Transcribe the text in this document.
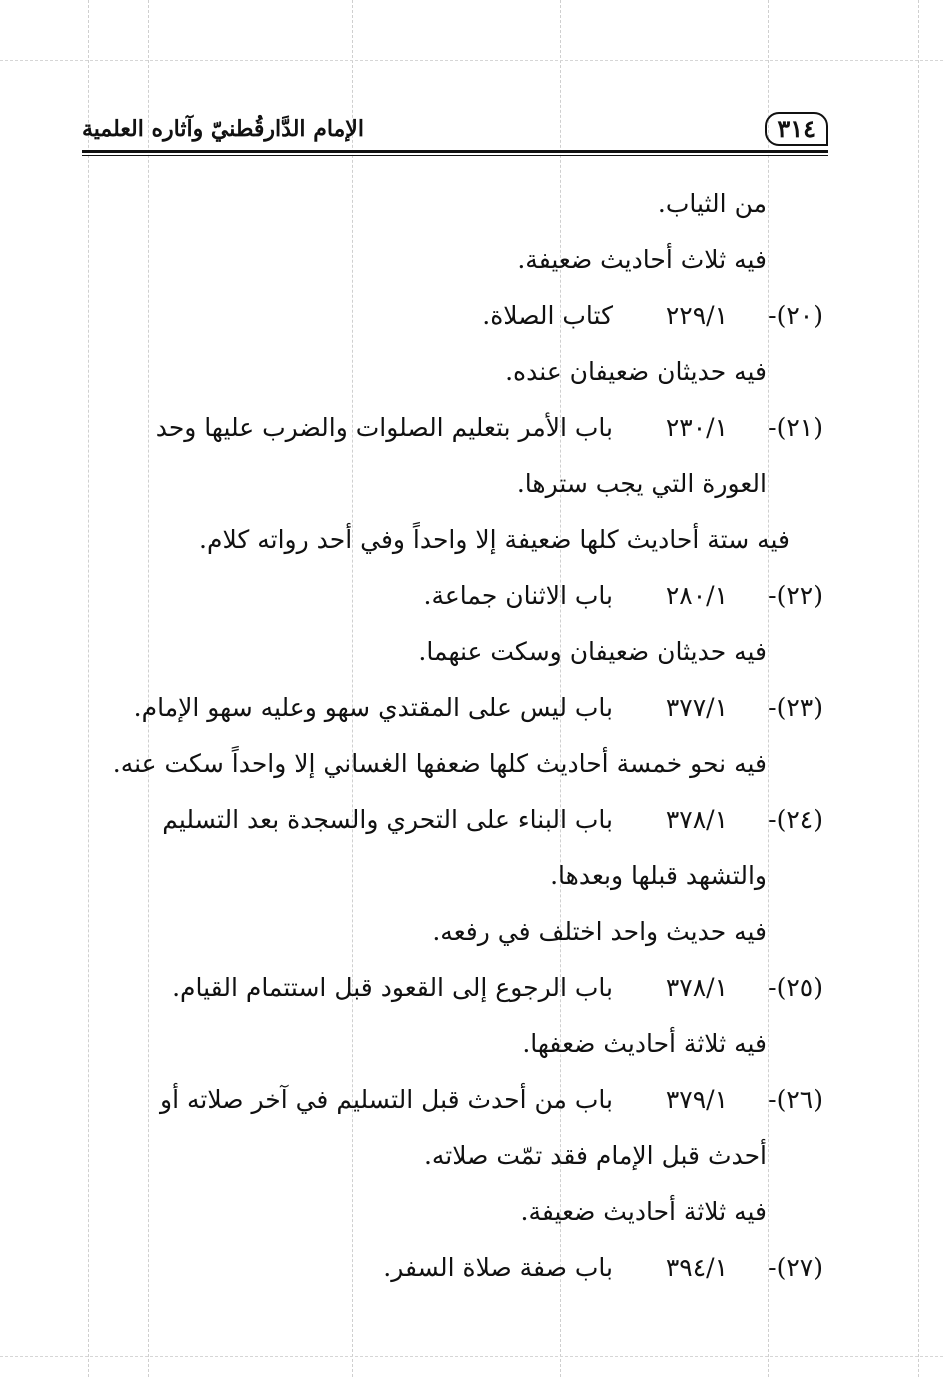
٣١٤
الإمام الدَّارقُطنيّ وآثاره العلمية
من الثياب.
فيه ثلاث أحاديث ضعيفة.
(٢٠)-
٢٢٩/١
كتاب الصلاة.
فيه حديثان ضعيفان عنده.
(٢١)-
٢٣٠/١
باب الأمر بتعليم الصلوات والضرب عليها وحد
العورة التي يجب سترها.
فيه ستة أحاديث كلها ضعيفة إلا واحداً وفي أحد رواته كلام.
(٢٢)-
٢٨٠/١
باب الاثنان جماعة.
فيه حديثان ضعيفان وسكت عنهما.
(٢٣)-
٣٧٧/١
باب ليس على المقتدي سهو وعليه سهو الإمام.
فيه نحو خمسة أحاديث كلها ضعفها الغساني إلا واحداً سكت عنه.
(٢٤)-
٣٧٨/١
باب البناء على التحري والسجدة بعد التسليم
والتشهد قبلها وبعدها.
فيه حديث واحد اختلف في رفعه.
(٢٥)-
٣٧٨/١
باب الرجوع إلى القعود قبل استتمام القيام.
فيه ثلاثة أحاديث ضعفها.
(٢٦)-
٣٧٩/١
باب من أحدث قبل التسليم في آخر صلاته أو
أحدث قبل الإمام فقد تمّت صلاته.
فيه ثلاثة أحاديث ضعيفة.
(٢٧)-
٣٩٤/١
باب صفة صلاة السفر.
